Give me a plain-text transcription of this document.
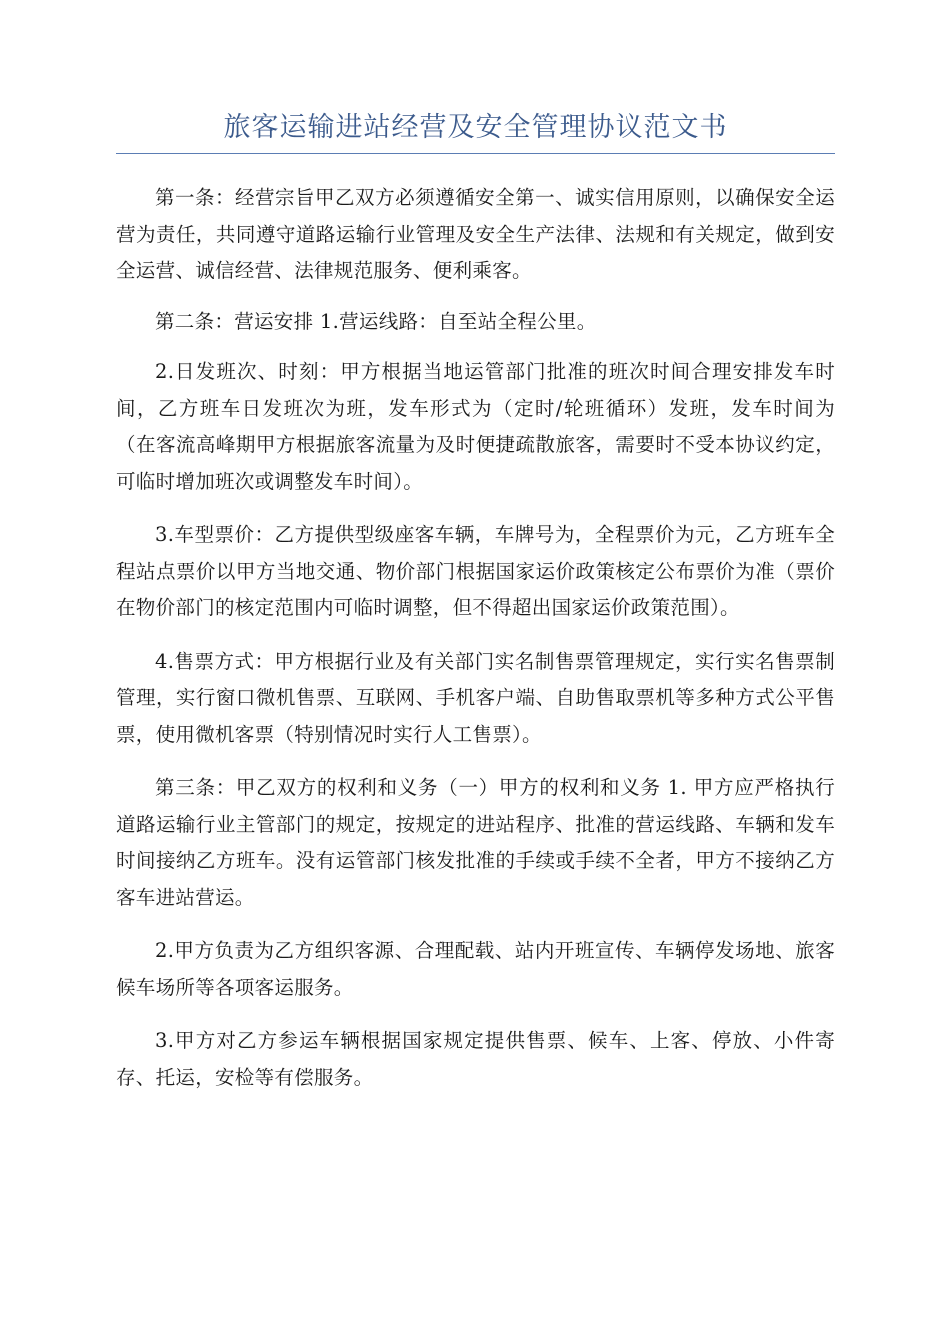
旅客运输进站经营及安全管理协议范文书

第一条：经营宗旨甲乙双方必须遵循安全第一、诚实信用原则，以确保安全运营为责任，共同遵守道路运输行业管理及安全生产法律、法规和有关规定，做到安全运营、诚信经营、法律规范服务、便利乘客。

第二条：营运安排 1.营运线路：自至站全程公里。

2.日发班次、时刻：甲方根据当地运管部门批准的班次时间合理安排发车时间，乙方班车日发班次为班，发车形式为（定时/轮班循环）发班，发车时间为（在客流高峰期甲方根据旅客流量为及时便捷疏散旅客，需要时不受本协议约定，可临时增加班次或调整发车时间）。

3.车型票价：乙方提供型级座客车辆，车牌号为，全程票价为元，乙方班车全程站点票价以甲方当地交通、物价部门根据国家运价政策核定公布票价为准（票价在物价部门的核定范围内可临时调整，但不得超出国家运价政策范围）。

4.售票方式：甲方根据行业及有关部门实名制售票管理规定，实行实名售票制管理，实行窗口微机售票、互联网、手机客户端、自助售取票机等多种方式公平售票，使用微机客票（特别情况时实行人工售票）。

第三条：甲乙双方的权利和义务（一）甲方的权利和义务 1. 甲方应严格执行道路运输行业主管部门的规定，按规定的进站程序、批准的营运线路、车辆和发车时间接纳乙方班车。没有运管部门核发批准的手续或手续不全者，甲方不接纳乙方客车进站营运。

2.甲方负责为乙方组织客源、合理配载、站内开班宣传、车辆停发场地、旅客候车场所等各项客运服务。

3.甲方对乙方参运车辆根据国家规定提供售票、候车、上客、停放、小件寄存、托运，安检等有偿服务。
